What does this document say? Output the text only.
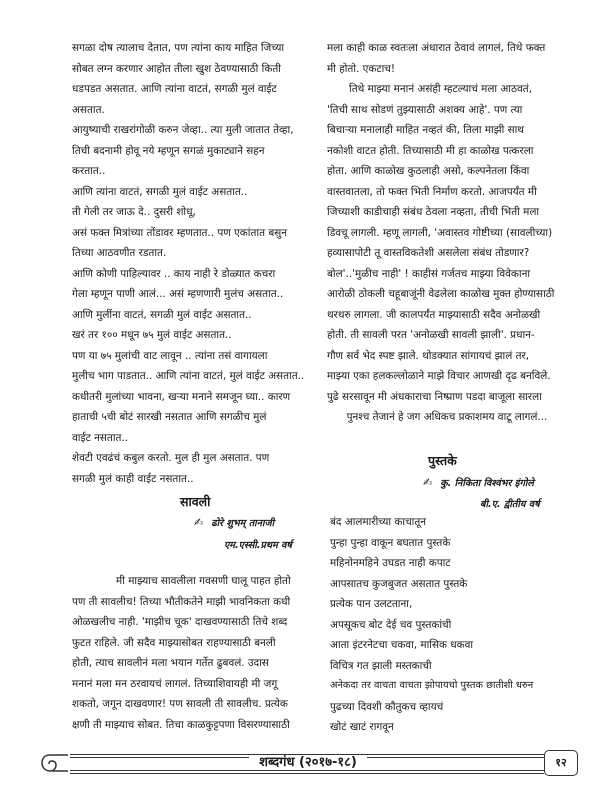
सगळा दोष त्यालाच देतात, पण त्यांना काय माहित जिच्या

सोबत लग्न करणार आहोत तीला खुश ठेवण्यासाठी किती

धडपडत असतात. आणि त्यांना वाटतं, सगळी मुलं वाईट

असतात.

आयुष्याची राखरांगोळी करुन जेव्हा.. त्या मुली जातात तेव्हा,

तिची बदनामी होवू नये म्हणून सगळं मुकाट्याने सहन

करतात..

आणि त्यांना वाटतं, सगळी मुलं वाईट असतात..

ती गेली तर जाऊ दे.. दुसरी शोधू,

असं फक्त मित्रांच्या तोंडावर म्हणतात.. पण एकांतात बसुन

तिच्या आठवणीत रडतात.

आणि कोणी पाहिल्यावर .. काय नाही रे डोळ्यात कचरा

गेला म्हणून पाणी आलं... असं म्हणणारी मुलंच असतात..

आणि मुलींना वाटतं, सगळी मुलं वाईट असतात..

खरं तर १०० मधून ७५ मुलं वाईट असतात..

पण या ७५ मुलांची वाट लावून .. त्यांना तसं वागायला

मुलीच भाग पाडतात.. आणि त्यांना वाटतं, मुलं वाईट असतात..

कधीतरी मुलांच्या भावना, खऱ्या मनाने समजून घ्या.. कारण

हाताची ५ची बोटं सारखी नसतात आणि सगळीच मुलं

वाईट नसतात..

शेवटी एवढंचं कबुल करतो. मुल ही मुल असतात. पण

सगळी मुलं काही वाईट नसतात..

मला काही काळ स्वतःला अंधारात ठेवावं लागलं, तिथे फक्त

मी होतो. एकटाच!

तिथे माझ्या मनानं असंही म्हटल्याचं मला आठवतं,

'तिची साथ सोडणं तुझ्यासाठी अशक्य आहे'. पण त्या

बिचाऱ्या मनालाही माहित नव्हतं की, तिला माझी साथ

नकोशी वाटत होती. तिच्यासाठी मी हा काळोख पत्करला

होता. आणि काळोख कुठलाही असो, कल्पनेतला किंवा

वास्तवातला, तो फक्त भिती निर्माण करतो. आजपर्यंत मी

जिच्याशी काडीचाही संबंध ठेवला नव्हता, तीची भिती मला

डिवचू लागली. म्हणू लागली, 'अवास्तव गोष्टीच्या (सावलीच्या)

हव्यासापोटी तू वास्तविकतेशी असलेला संबंध तोडणार?

बोल'..'मुळीच नाही' ! काहीसं गर्जतच माझ्या विवेकाना

आरोळी ठोकली चहूबाजूंनी वेढलेला काळोख मुक्त होण्यासाठी

थरथरु लागला. जी कालपर्यंत माझ्यासाठी सदैव अनोळखी

होती. ती सावली परत 'अनोळखी सावली झाली'. प्रधान-

गौण सर्व भेद स्पष्ट झाले. थोडक्यात सांगायचं झालं तर,

माझ्या एका हलकल्लोळाने माझे विचार आणखी दृढ बनविले.

पुढे सरसावून मी अंधकाराचा निष्प्राण पडदा बाजूला सारला

पुनश्च तेजानं हे जग अधिकच प्रकाशमय वाटू लागलं...

सावली
✍ ढोरे शुभम् तानाजी
एम.एस्सी.प्रथम वर्ष

मी माझ्याच सावलीला गवसणी घालू पाहत होतो

पण ती सावलीच! तिच्या भौतीकतेने माझी भावनिकता कधी

ओळखलीच नाही. 'माझीच चूक' दाखवण्यासाठी तिचे शब्द

फुटत राहिले. जी सदैव माझ्यासोबत राहण्यासाठी बनली

होती, त्याच सावलीनं मला भयान गर्तेत ढुबवलं. उदास

मनानं मला मन ठरवायचं लागलं. तिच्याशिवायही मी जगू

शकतो, जगून दाखवणार! पण सावली ती सावलीच. प्रत्येक

क्षणी ती माझ्याच सोबत. तिचा काळकुट्टपणा विसरण्यासाठी

पुस्तके
✍ कु. निकिता विश्वंभर इंगोले
बी.ए. द्वीतीय वर्ष

बंद आलमारीच्या काचातून

पुन्हा पुन्हा वाकून बघतात पुस्तके

महिनोनमहिने उघडत नाही कपाट

आपसातच कुजबुजत असतात पुस्तके

प्रत्येक पान उलटताना,

अपसूकच बोट देई चव पुस्तकांची

आता इंटरनेटचा चकवा, मासिक धकवा

विचित्र गत झाली मस्तकाची

अनेकदा तर वाचता वाचता झोपायचो पुस्तक छातीशी धरुन

पुढच्या दिवशी कौतुकच व्हायचं

खोटं खाटं रागवून

शब्दगंध (२०१७-१८)	१२
